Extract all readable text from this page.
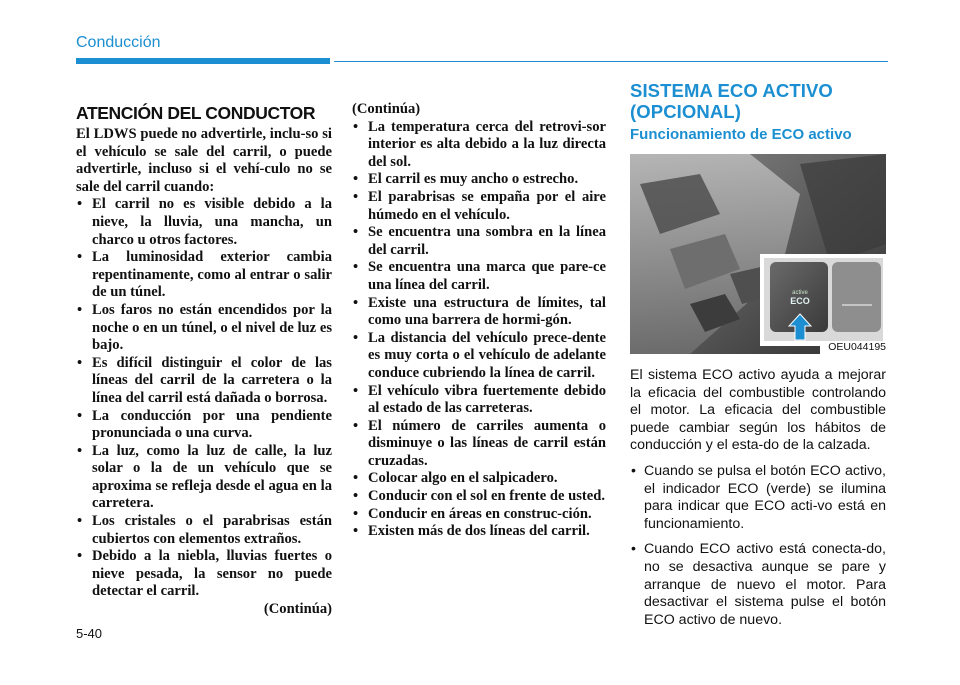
Conducción
ATENCIÓN DEL CONDUCTOR

El LDWS puede no advertirle, inclu-so si el vehículo se sale del carril, o puede advertirle, incluso si el vehí-culo no se sale del carril cuando:

• El carril no es visible debido a la nieve, la lluvia, una mancha, un charco u otros factores.
• La luminosidad exterior cambia repentinamente, como al entrar o salir de un túnel.
• Los faros no están encendidos por la noche o en un túnel, o el nivel de luz es bajo.
• Es difícil distinguir el color de las líneas del carril de la carretera o la línea del carril está dañada o borrosa.
• La conducción por una pendiente pronunciada o una curva.
• La luz, como la luz de calle, la luz solar o la de un vehículo que se aproxima se refleja desde el agua en la carretera.
• Los cristales o el parabrisas están cubiertos con elementos extraños.
• Debido a la niebla, lluvias fuertes o nieve pesada, la sensor no puede detectar el carril.
(Continúa)
(Continúa)
• La temperatura cerca del retrovi-sor interior es alta debido a la luz directa del sol.
• El carril es muy ancho o estrecho.
• El parabrisas se empaña por el aire húmedo en el vehículo.
• Se encuentra una sombra en la línea del carril.
• Se encuentra una marca que pare-ce una línea del carril.
• Existe una estructura de límites, tal como una barrera de hormi-gón.
• La distancia del vehículo prece-dente es muy corta o el vehículo de adelante conduce cubriendo la línea de carril.
• El vehículo vibra fuertemente debido al estado de las carreteras.
• El número de carriles aumenta o disminuye o las líneas de carril están cruzadas.
• Colocar algo en el salpicadero.
• Conducir con el sol en frente de usted.
• Conducir en áreas en construc-ción.
• Existen más de dos líneas del carril.
SISTEMA ECO ACTIVO
(OPCIONAL)
Funcionamiento de ECO activo
active
ECO
OEU044195

El sistema ECO activo ayuda a mejorar la eficacia del combustible controlando el motor. La eficacia del combustible puede cambiar según los hábitos de conducción y el esta-do de la calzada.

• Cuando se pulsa el botón ECO activo, el indicador ECO (verde) se ilumina para indicar que ECO acti-vo está en funcionamiento.
• Cuando ECO activo está conecta-do, no se desactiva aunque se pare y arranque de nuevo el motor. Para desactivar el sistema pulse el botón ECO activo de nuevo.
5-40
